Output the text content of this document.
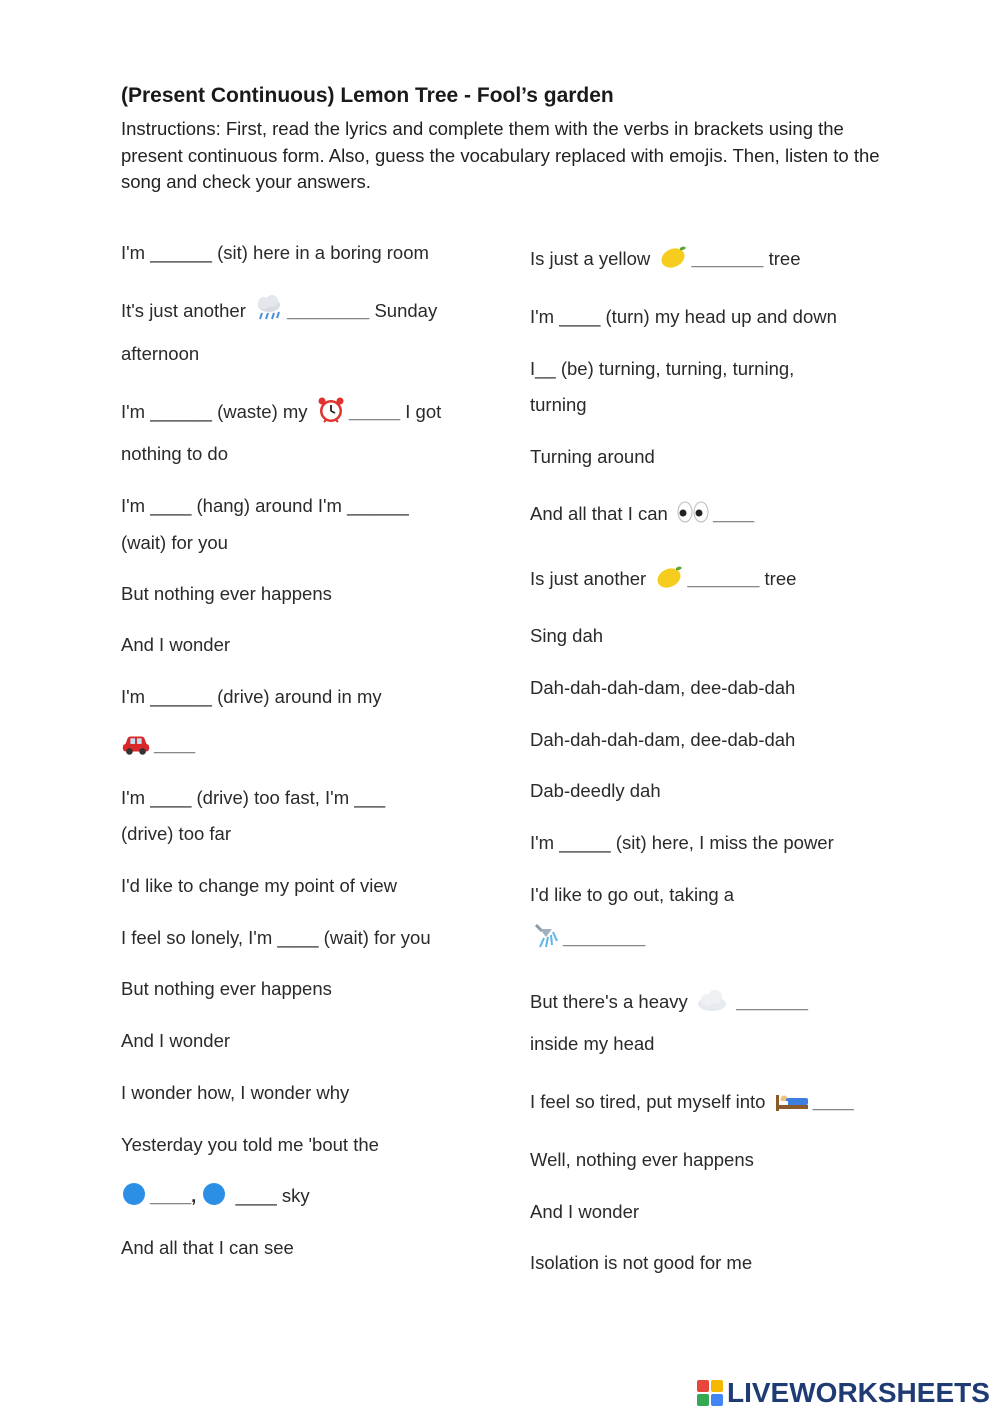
(Present Continuous) Lemon Tree - Fool’s garden
Instructions: First, read the lyrics and complete them with the verbs in brackets using the present continuous form. Also, guess the vocabulary replaced with emojis. Then, listen to the song and check your answers.
I'm ______ (sit) here in a boring room
It's just another ________ Sunday
afternoon
I'm ______ (waste) my _____ I got
nothing to do
I'm ____ (hang) around I'm ______
(wait) for you
But nothing ever happens
And I wonder
I'm ______ (drive) around in my
____
I'm ____ (drive) too fast, I'm ___
(drive) too far
I'd like to change my point of view
I feel so lonely, I'm ____ (wait) for you
But nothing ever happens
And I wonder
I wonder how, I wonder why
Yesterday you told me 'bout the
____,  ____ sky
And all that I can see
Is just a yellow _______ tree
I'm ____ (turn) my head up and down
I__ (be) turning, turning, turning,
turning
Turning around
And all that I can ____
Is just another _______ tree
Sing dah
Dah-dah-dah-dam, dee-dab-dah
Dah-dah-dah-dam, dee-dab-dah
Dab-deedly dah
I'm _____ (sit) here, I miss the power
I'd like to go out, taking a
________
But there's a heavy  _______
inside my head
I feel so tired, put myself into	____
Well, nothing ever happens
And I wonder
Isolation is not good for me
LIVEWORKSHEETS
